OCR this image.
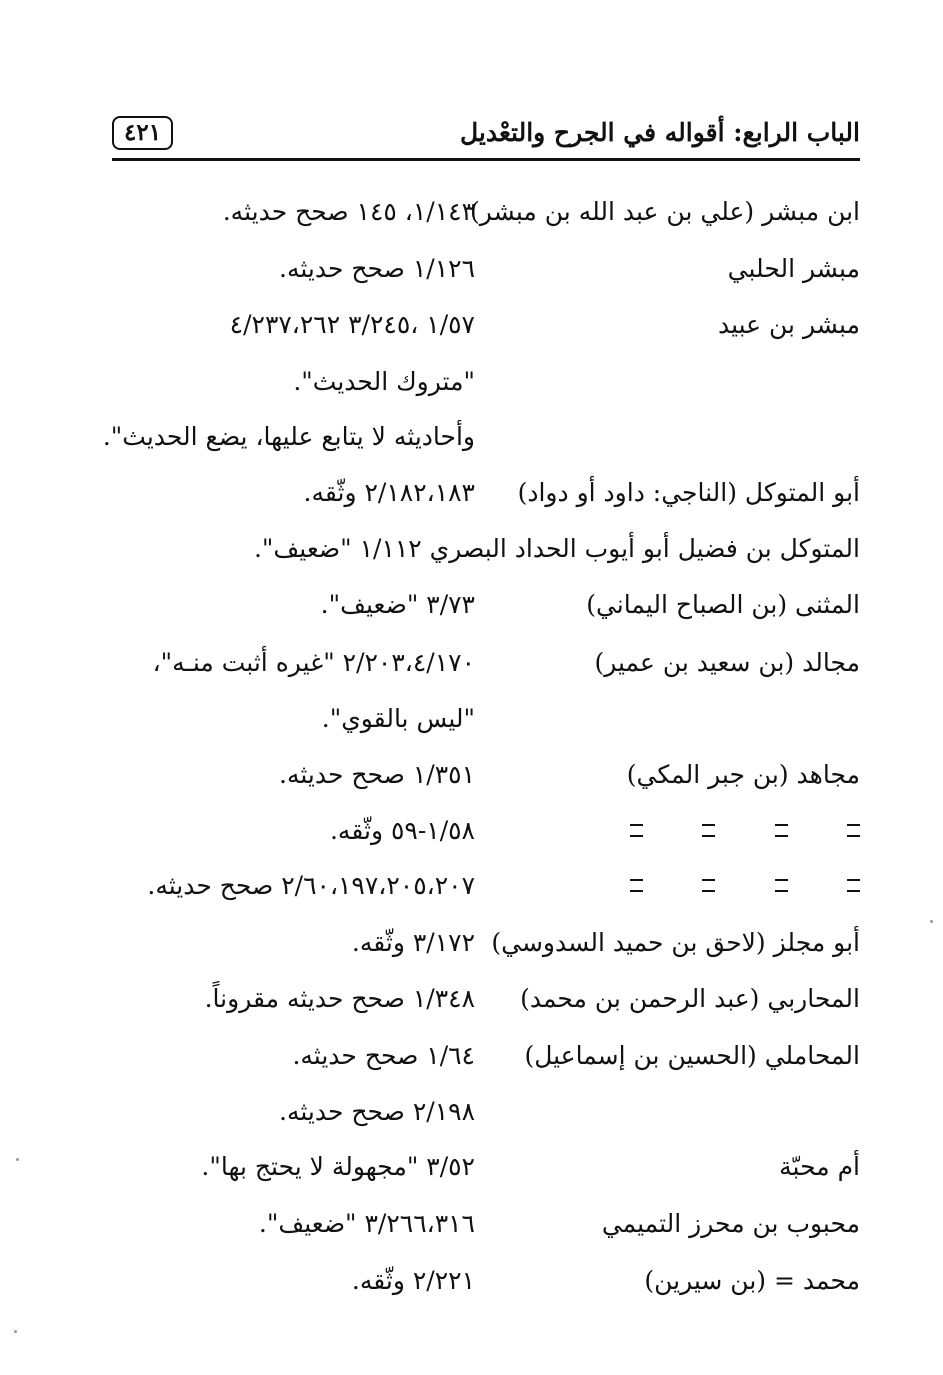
الباب الرابع: أقواله في الجرح والتعْديل
٤٢١
ابن مبشر (علي بن عبد الله بن مبشر)
١/١٤٣، ١٤٥ صحح حديثه.
مبشر الحلبي
١/١٢٦ صحح حديثه.
مبشر بن عبيد
١/٥٧ ،٣/٢٤٥ ٤/٢٣٧،٢٦٢
"متروك الحديث".
وأحاديثه لا يتابع عليها، يضع الحديث".
أبو المتوكل (الناجي: داود أو دواد)
٢/١٨٢،١٨٣ وثّقه.
المتوكل بن فضيل أبو أيوب الحداد البصري ١/١١٢ "ضعيف".
المثنى (بن الصباح اليماني)
٣/٧٣ "ضعيف".
مجالد (بن سعيد بن عمير)
٢/٢٠٣،٤/١٧٠ "غيره أثبت منـه"،
"ليس بالقوي".
مجاهد (بن جبر المكي)
١/٣٥١ صحح حديثه.
١/٥٨-٥٩ وثّقه.
٢/٦٠،١٩٧،٢٠٥،٢٠٧ صحح حديثه.
أبو مجلز (لاحق بن حميد السدوسي)
٣/١٧٢ وثّقه.
المحاربي (عبد الرحمن بن محمد)
١/٣٤٨ صحح حديثه مقروناً.
المحاملي (الحسين بن إسماعيل)
١/٦٤ صحح حديثه.
٢/١٩٨ صحح حديثه.
أم محبّة
٣/٥٢ "مجهولة لا يحتج بها".
محبوب بن محرز التميمي
٣/٢٦٦،٣١٦ "ضعيف".
محمد = (بن سيرين)
٢/٢٢١ وثّقه.
